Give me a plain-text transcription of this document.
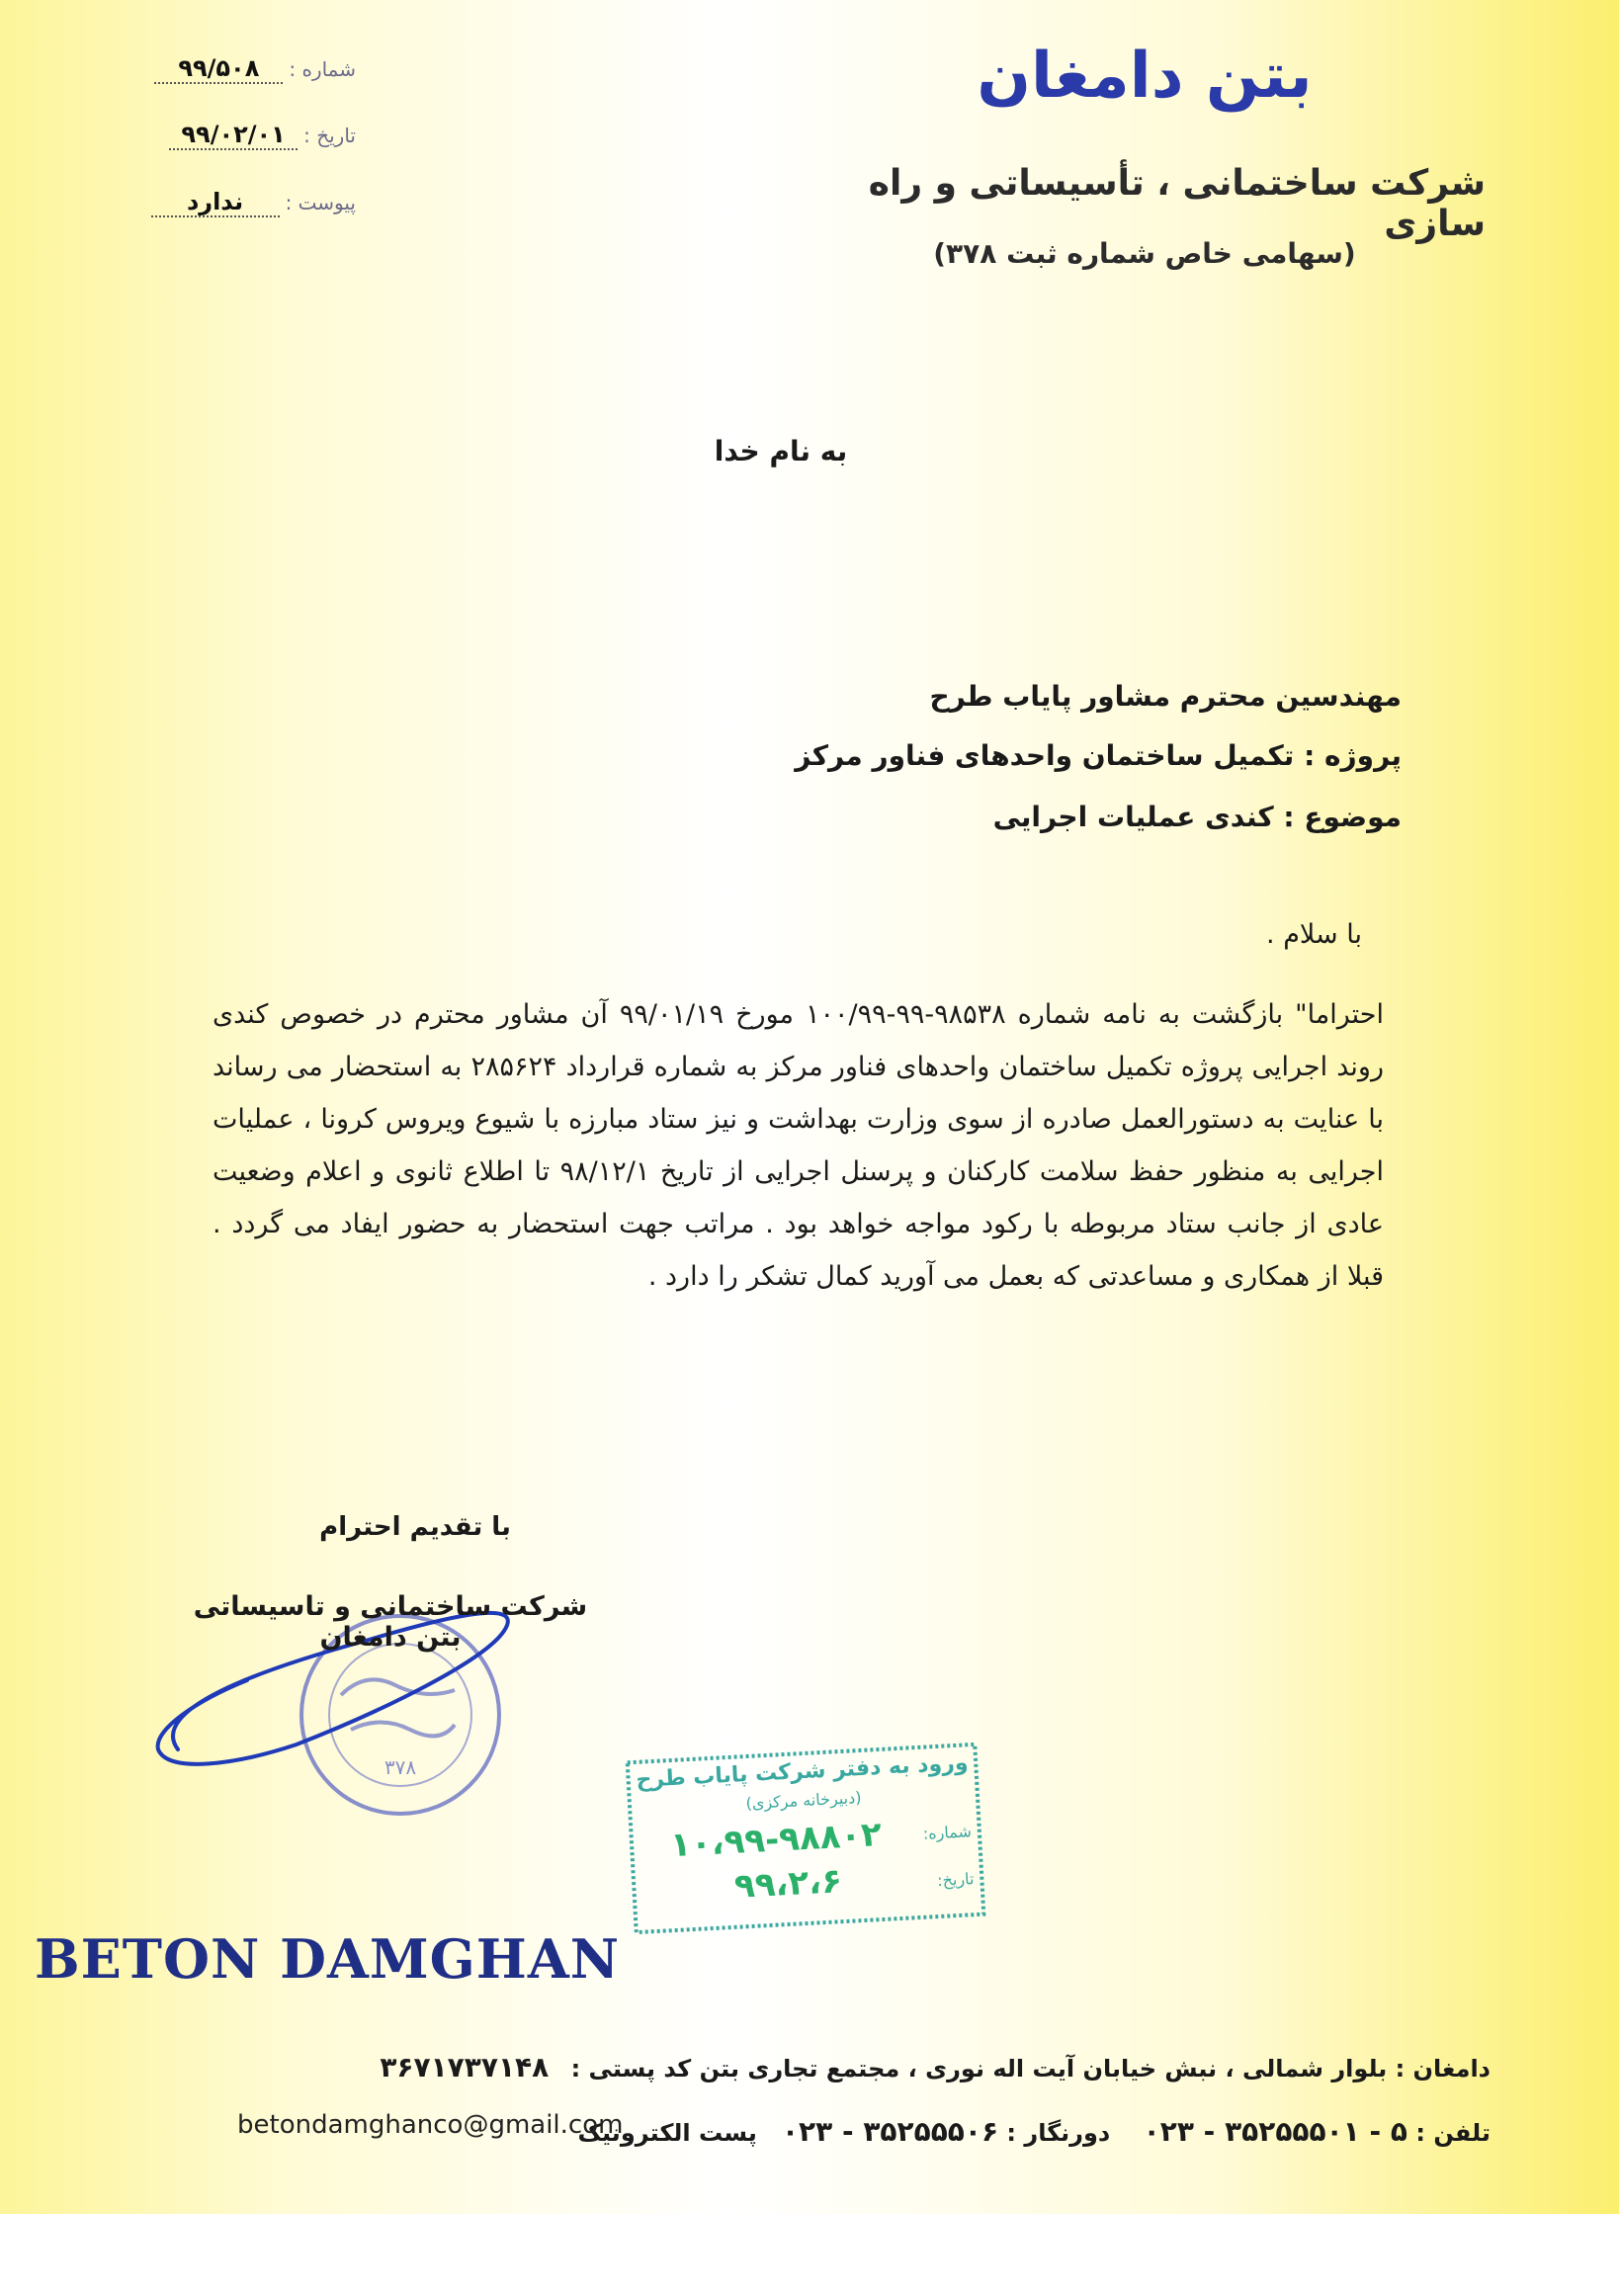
شماره :
۹۹/۵۰۸
تاریخ :
۹۹/۰۲/۰۱
پیوست :
ندارد
بتن دامغان
شرکت ساختمانی ، تأسیساتی و راه سازی
(سهامی خاص شماره ثبت ۳۷۸)
به نام خدا
مهندسین محترم مشاور پایاب طرح
پروژه : تکمیل ساختمان واحدهای فناور مرکز
موضوع : کندی عملیات اجرایی
با سلام .
احتراما" بازگشت به نامه شماره ۹۸۵۳۸-۹۹-۱۰۰/۹۹ مورخ ۹۹/۰۱/۱۹ آن مشاور محترم در خصوص کندی روند اجرایی پروژه تکمیل ساختمان واحدهای فناور مرکز به شماره قرارداد ۲۸۵۶۲۴ به استحضار می رساند با عنایت به دستورالعمل صادره از سوی وزارت بهداشت و نیز ستاد مبارزه با شیوع ویروس کرونا ، عملیات اجرایی به منظور حفظ سلامت کارکنان و پرسنل اجرایی از تاریخ ۹۸/۱۲/۱ تا اطلاع ثانوی و اعلام وضعیت عادی از جانب ستاد مربوطه با رکود مواجه خواهد بود . مراتب جهت استحضار به حضور ایفاد می گردد . قبلا از همکاری و مساعدتی که بعمل می آورید کمال تشکر را دارد .
با تقدیم احترام
۳۷۸
شرکت ساختمانی و تاسیساتی بتن دامغان
ورود به دفتر شرکت پایاب طرح
(دبیرخانه مرکزی)
شماره:
۱۰،۹۹-۹۸۸۰۲
تاریخ:
۹۹،۲،۶
BETON DAMGHAN
دامغان : بلوار شمالی ، نبش خیابان آیت اله نوری ، مجتمع تجاری بتن کد پستی : ۳۶۷۱۷۳۷۱۴۸
تلفن : ۵ - ۳۵۲۵۵۵۰۱ - ۰۲۳    دورنگار : ۳۵۲۵۵۵۰۶ - ۰۲۳   پست الکترونیک
betondamghanco@gmail.com
